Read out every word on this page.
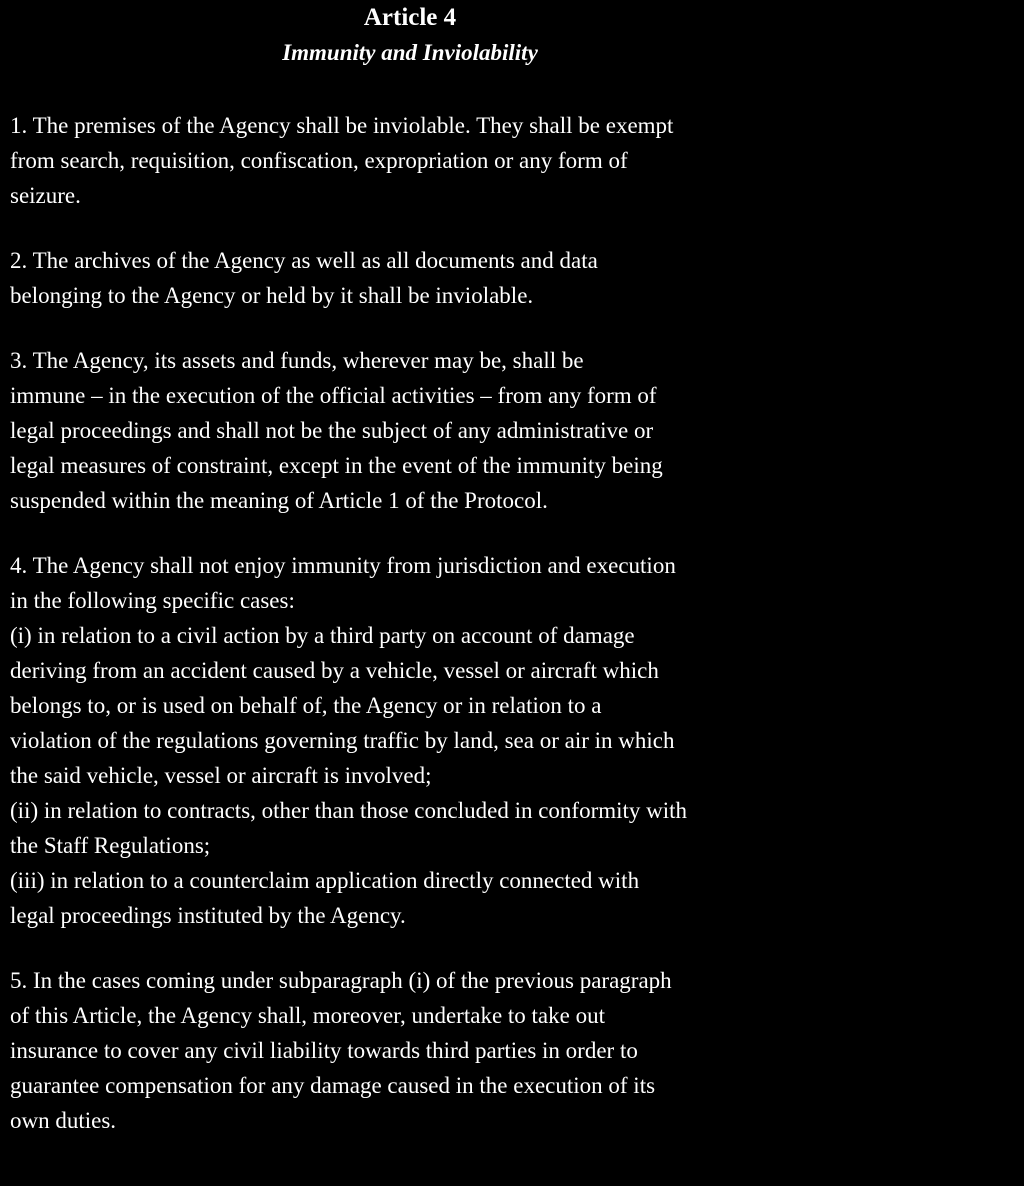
Article 4
Immunity and Inviolability
1. The premises of the Agency shall be inviolable. They shall be exempt
from search, requisition, confiscation, expropriation or any form of
seizure.
2. The archives of the Agency as well as all documents and data
belonging to the Agency or held by it shall be inviolable.
3. The Agency, its assets and funds, wherever may be, shall be
immune – in the execution of the official activities – from any form of
legal proceedings and shall not be the subject of any administrative or
legal measures of constraint, except in the event of the immunity being
suspended within the meaning of Article 1 of the Protocol.
4. The Agency shall not enjoy immunity from jurisdiction and execution
in the following specific cases:
(i) in relation to a civil action by a third party on account of damage
deriving from an accident caused by a vehicle, vessel or aircraft which
belongs to, or is used on behalf of, the Agency or in relation to a
violation of the regulations governing traffic by land, sea or air in which
the said vehicle, vessel or aircraft is involved;
(ii) in relation to contracts, other than those concluded in conformity with
the Staff Regulations;
(iii) in relation to a counterclaim application directly connected with
legal proceedings instituted by the Agency.
5. In the cases coming under subparagraph (i) of the previous paragraph
of this Article, the Agency shall, moreover, undertake to take out
insurance to cover any civil liability towards third parties in order to
guarantee compensation for any damage caused in the execution of its
own duties.
